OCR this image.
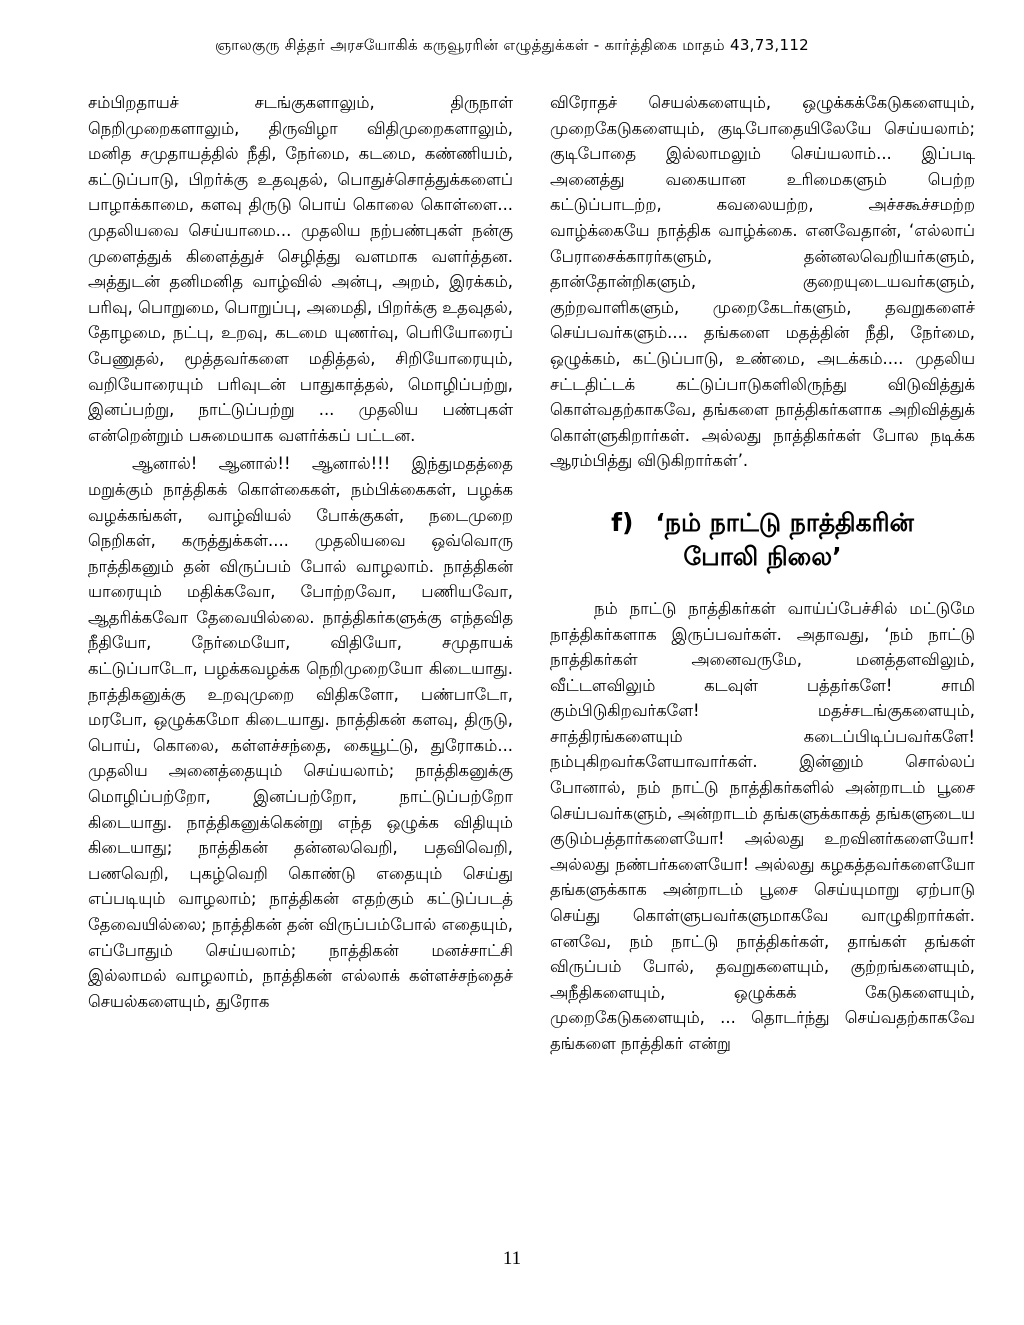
ஞாலகுரு சித்தர் அரசயோகிக் கருவூரரின் எழுத்துக்கள் - கார்த்திகை மாதம் 43,73,112

சம்பிறதாயச் சடங்குகளாலும், திருநாள் நெறிமுறைகளாலும், திருவிழா விதிமுறைகளாலும், மனித சமுதாயத்தில் நீதி, நேர்மை, கடமை, கண்ணியம், கட்டுப்பாடு, பிறர்க்கு உதவுதல், பொதுச்சொத்துக்களைப் பாழாக்காமை, களவு திருடு பொய் கொலை கொள்ளை... முதலியவை செய்யாமை... முதலிய நற்பண்புகள் நன்கு முளைத்துக் கிளைத்துச் செழித்து வளமாக வளர்த்தன. அத்துடன் தனிமனித வாழ்வில் அன்பு, அறம், இரக்கம், பரிவு, பொறுமை, பொறுப்பு, அமைதி, பிறர்க்கு உதவுதல், தோழமை, நட்பு, உறவு, கடமை யுணர்வு, பெரியோரைப் பேணுதல், மூத்தவர்களை மதித்தல், சிறியோரையும், வறியோரையும் பரிவுடன் பாதுகாத்தல், மொழிப்பற்று, இனப்பற்று, நாட்டுப்பற்று ... முதலிய பண்புகள் என்றென்றும் பசுமையாக வளர்க்கப் பட்டன.

ஆனால்! ஆனால்!! ஆனால்!!! இந்துமதத்தை மறுக்கும் நாத்திகக் கொள்கைகள், நம்பிக்கைகள், பழக்க வழக்கங்கள், வாழ்வியல் போக்குகள், நடைமுறை நெறிகள், கருத்துக்கள்.... முதலியவை ஒவ்வொரு நாத்திகனும் தன் விருப்பம் போல் வாழலாம். நாத்திகன் யாரையும் மதிக்கவோ, போற்றவோ, பணியவோ, ஆதரிக்கவோ தேவையில்லை. நாத்திகர்களுக்கு எந்தவித நீதியோ, நேர்மையோ, விதியோ, சமுதாயக் கட்டுப்பாடோ, பழக்கவழக்க நெறிமுறையோ கிடையாது. நாத்திகனுக்கு உறவுமுறை விதிகளோ, பண்பாடோ, மரபோ, ஒழுக்கமோ கிடையாது. நாத்திகன் களவு, திருடு, பொய், கொலை, கள்ளச்சந்தை, கையூட்டு, துரோகம்... முதலிய அனைத்தையும் செய்யலாம்; நாத்திகனுக்கு மொழிப்பற்றோ, இனப்பற்றோ, நாட்டுப்பற்றோ கிடையாது. நாத்திகனுக்கென்று எந்த ஒழுக்க விதியும் கிடையாது; நாத்திகன் தன்னலவெறி, பதவிவெறி, பணவெறி, புகழ்வெறி கொண்டு எதையும் செய்து எப்படியும் வாழலாம்; நாத்திகன் எதற்கும் கட்டுப்படத் தேவையில்லை; நாத்திகன் தன் விருப்பம்போல் எதையும், எப்போதும் செய்யலாம்; நாத்திகன் மனச்சாட்சி இல்லாமல் வாழலாம், நாத்திகன் எல்லாக் கள்ளச்சந்தைச் செயல்களையும், துரோக

விரோதச் செயல்களையும், ஒழுக்கக்கேடுகளையும், முறைகேடுகளையும், குடிபோதையிலேயே செய்யலாம்; குடிபோதை இல்லாமலும் செய்யலாம்... இப்படி அனைத்து வகையான உரிமைகளும் பெற்ற கட்டுப்பாடற்ற, கவலையற்ற, அச்சகூச்சமற்ற வாழ்க்கையே நாத்திக வாழ்க்கை. எனவேதான், ‘எல்லாப் பேராசைக்காரர்களும், தன்னலவெறியர்களும், தான்தோன்றிகளும், குறையுடையவர்களும், குற்றவாளிகளும், முறைகேடர்களும், தவறுகளைச் செய்பவர்களும்.... தங்களை மதத்தின் நீதி, நேர்மை, ஒழுக்கம், கட்டுப்பாடு, உண்மை, அடக்கம்.... முதலிய சட்டதிட்டக் கட்டுப்பாடுகளிலிருந்து விடுவித்துக் கொள்வதற்காகவே, தங்களை நாத்திகர்களாக அறிவித்துக் கொள்ளுகிறார்கள். அல்லது நாத்திகர்கள் போல நடிக்க ஆரம்பித்து விடுகிறார்கள்’.

f) ‘நம் நாட்டு நாத்திகரின்
போலி நிலை’

நம் நாட்டு நாத்திகர்கள் வாய்ப்பேச்சில் மட்டுமே நாத்திகர்களாக இருப்பவர்கள். அதாவது, ‘நம் நாட்டு நாத்திகர்கள் அனைவருமே, மனத்தளவிலும், வீட்டளவிலும் கடவுள் பத்தர்களே! சாமி கும்பிடுகிறவர்களே! மதச்சடங்குகளையும், சாத்திரங்களையும் கடைப்பிடிப்பவர்களே! நம்புகிறவர்களேயாவார்கள். இன்னும் சொல்லப் போனால், நம் நாட்டு நாத்திகர்களில் அன்றாடம் பூசை செய்பவர்களும், அன்றாடம் தங்களுக்காகத் தங்களுடைய குடும்பத்தார்களையோ! அல்லது உறவினர்களையோ! அல்லது நண்பர்களையோ! அல்லது கழகத்தவர்களையோ தங்களுக்காக அன்றாடம் பூசை செய்யுமாறு ஏற்பாடு செய்து கொள்ளுபவர்களுமாகவே வாழுகிறார்கள். எனவே, நம் நாட்டு நாத்திகர்கள், தாங்கள் தங்கள் விருப்பம் போல், தவறுகளையும், குற்றங்களையும், அநீதிகளையும், ஒழுக்கக் கேடுகளையும், முறைகேடுகளையும், ... தொடர்ந்து செய்வதற்காகவே தங்களை நாத்திகர் என்று

11
